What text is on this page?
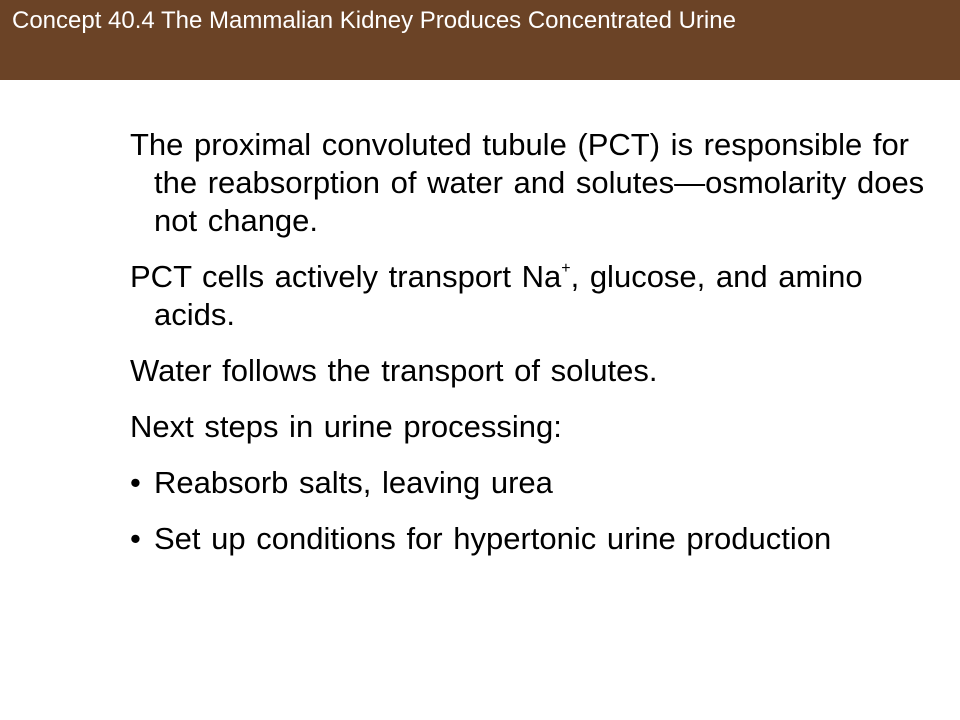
Concept 40.4 The Mammalian Kidney Produces Concentrated Urine

The proximal convoluted tubule (PCT) is responsible for the reabsorption of water and solutes—osmolarity does not change.

PCT cells actively transport Na+, glucose, and amino acids.

Water follows the transport of solutes.

Next steps in urine processing:

• Reabsorb salts, leaving urea
• Set up conditions for hypertonic urine production
